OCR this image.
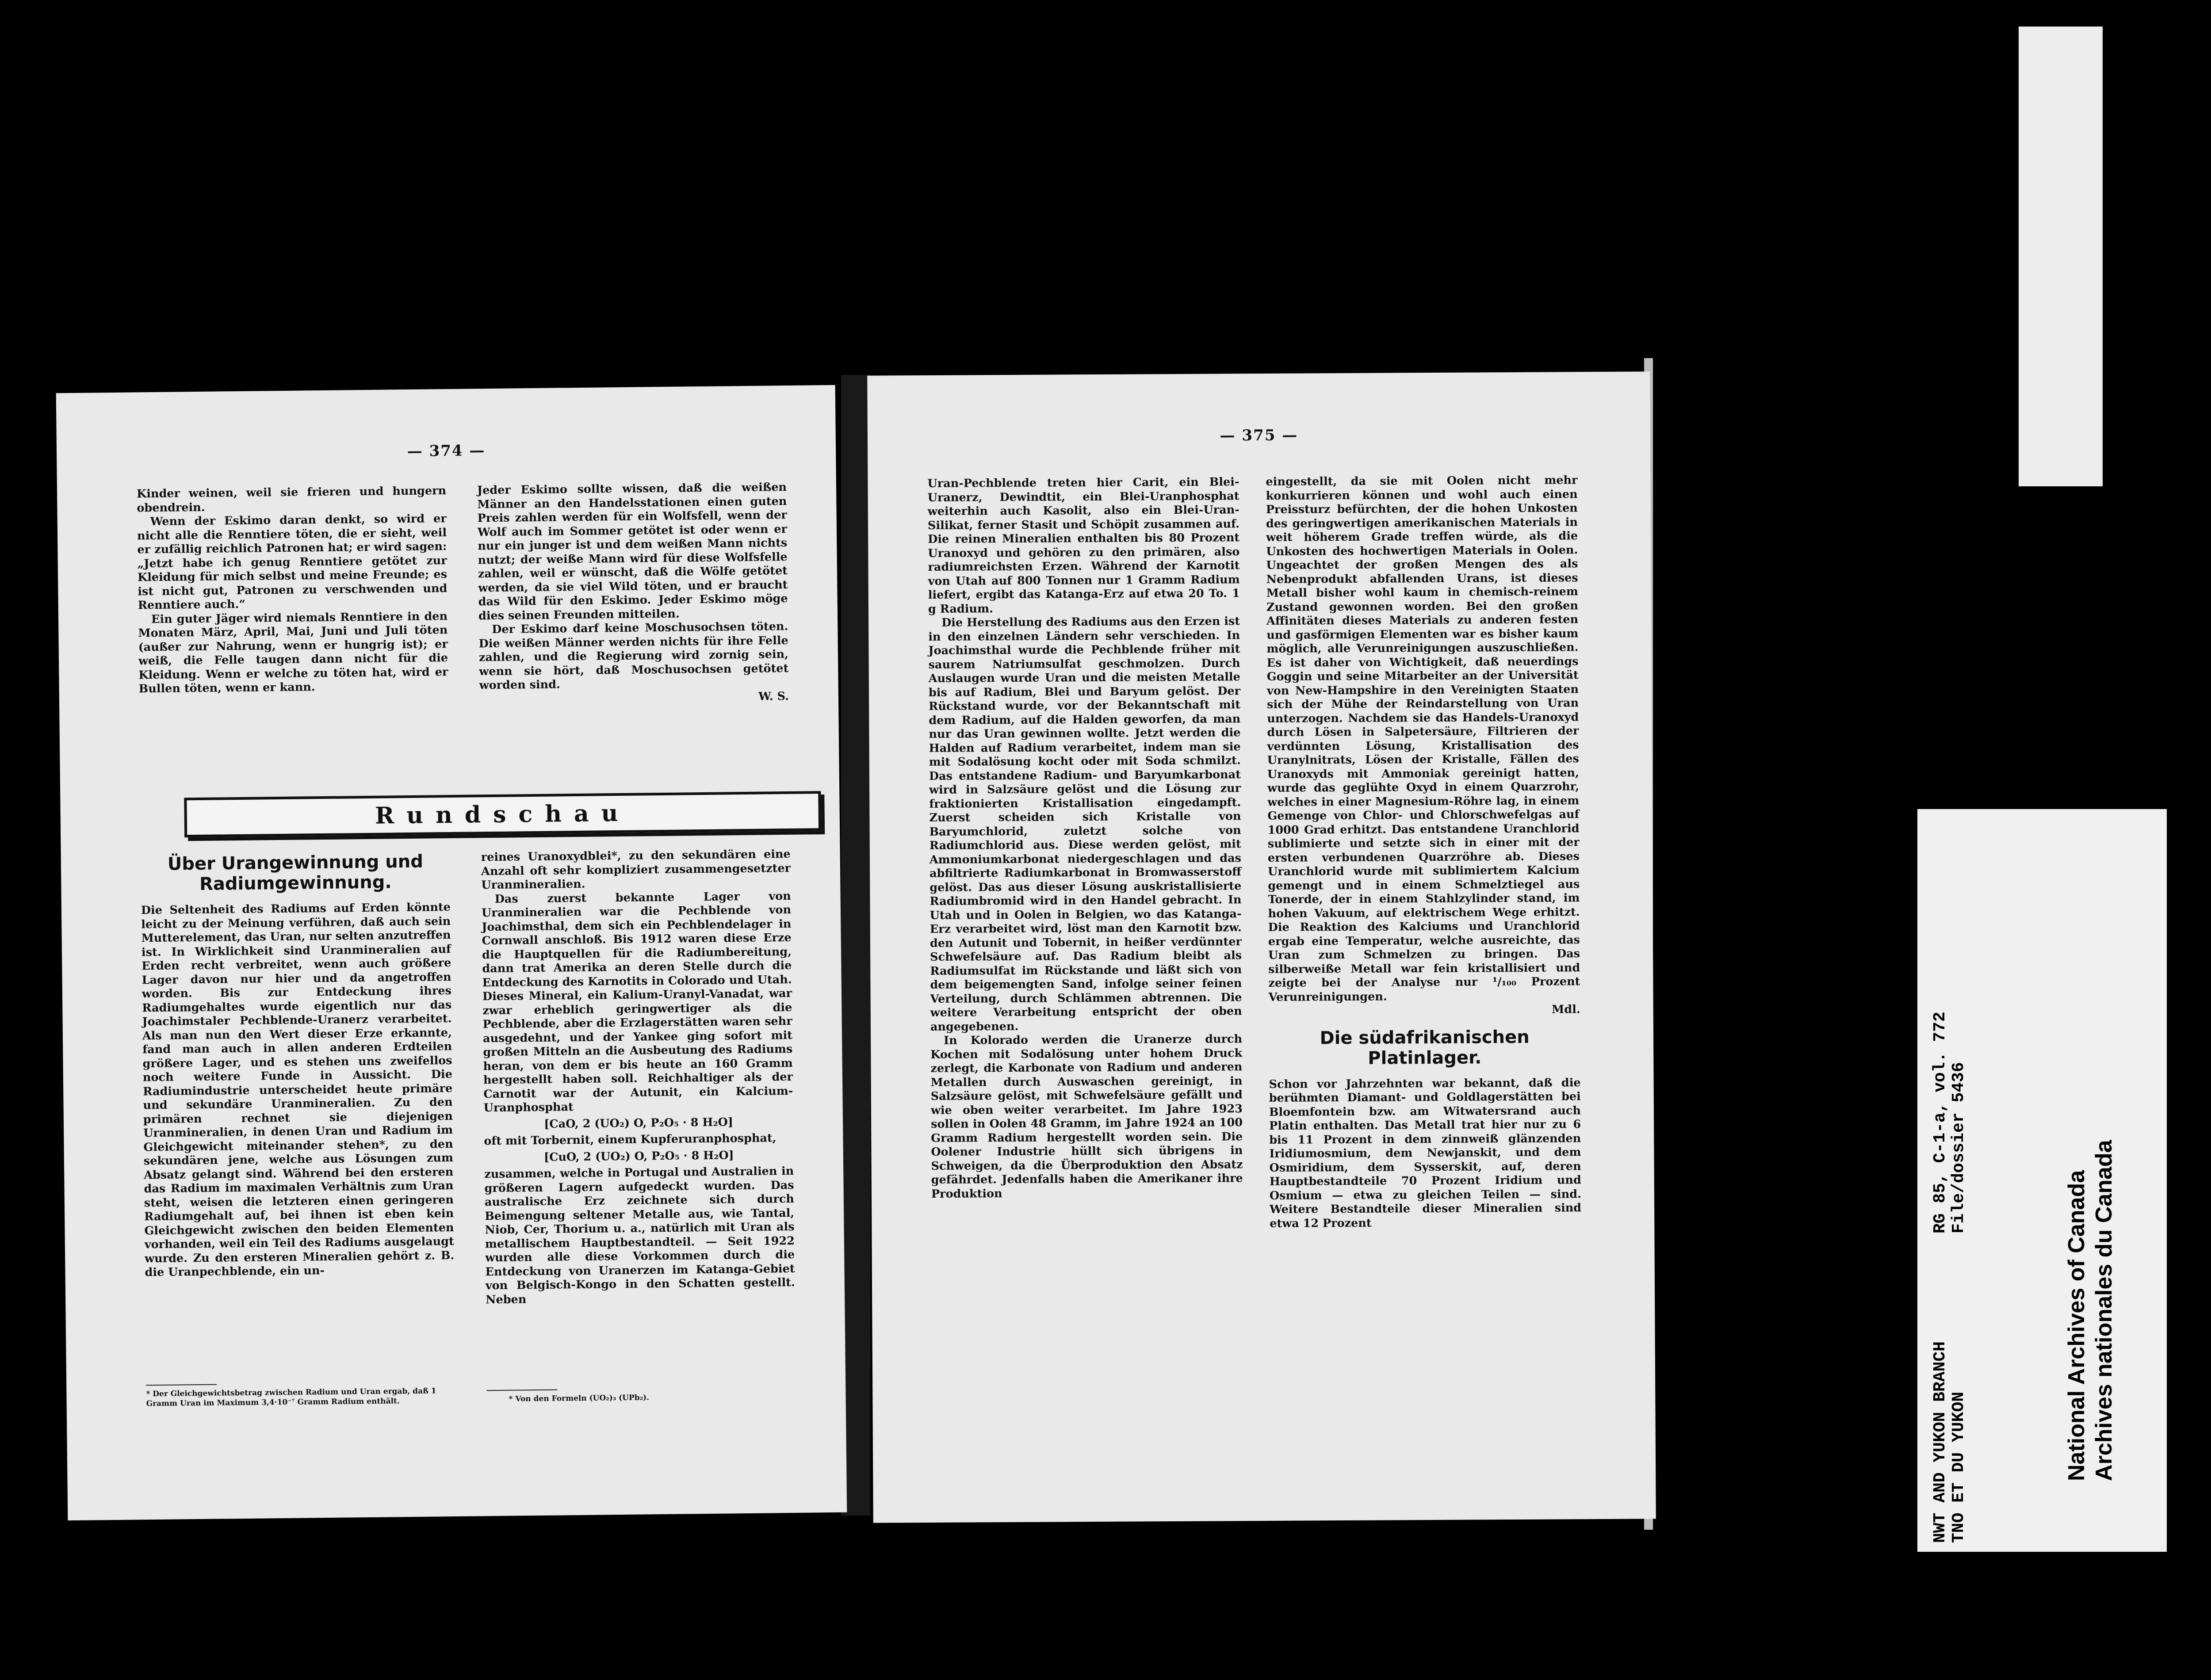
— 374 —

Kinder weinen, weil sie frieren und hungern obendrein.

Wenn der Eskimo daran denkt, so wird er nicht alle die Renntiere töten, die er sieht, weil er zufällig reichlich Patronen hat; er wird sagen: „Jetzt habe ich genug Renntiere getötet zur Kleidung für mich selbst und meine Freunde; es ist nicht gut, Patronen zu verschwenden und Renntiere auch.“

Ein guter Jäger wird niemals Renntiere in den Monaten März, April, Mai, Juni und Juli töten (außer zur Nahrung, wenn er hungrig ist); er weiß, die Felle taugen dann nicht für die Kleidung. Wenn er welche zu töten hat, wird er Bullen töten, wenn er kann.

Jeder Eskimo sollte wissen, daß die weißen Männer an den Handelsstationen einen guten Preis zahlen werden für ein Wolfsfell, wenn der Wolf auch im Sommer getötet ist oder wenn er nur ein junger ist und dem weißen Mann nichts nutzt; der weiße Mann wird für diese Wolfsfelle zahlen, weil er wünscht, daß die Wölfe getötet werden, da sie viel Wild töten, und er braucht das Wild für den Eskimo. Jeder Eskimo möge dies seinen Freunden mitteilen.

Der Eskimo darf keine Moschusochsen töten. Die weißen Männer werden nichts für ihre Felle zahlen, und die Regierung wird zornig sein, wenn sie hört, daß Moschusochsen getötet worden sind.

W. S.

Rundschau
Über Urangewinnung und Radiumgewinnung.

Die Seltenheit des Radiums auf Erden könnte leicht zu der Meinung verführen, daß auch sein Mutterelement, das Uran, nur selten anzutreffen ist. In Wirklichkeit sind Uranmineralien auf Erden recht verbreitet, wenn auch größere Lager davon nur hier und da angetroffen worden. Bis zur Entdeckung ihres Radiumgehaltes wurde eigentlich nur das Joachimstaler Pechblende-Uranerz verarbeitet. Als man nun den Wert dieser Erze erkannte, fand man auch in allen anderen Erdteilen größere Lager, und es stehen uns zweifellos noch weitere Funde in Aussicht. Die Radiumindustrie unterscheidet heute primäre und sekundäre Uranmineralien. Zu den primären rechnet sie diejenigen Uranmineralien, in denen Uran und Radium im Gleichgewicht miteinander stehen*, zu den sekundären jene, welche aus Lösungen zum Absatz gelangt sind. Während bei den ersteren das Radium im maximalen Verhältnis zum Uran steht, weisen die letzteren einen geringeren Radiumgehalt auf, bei ihnen ist eben kein Gleichgewicht zwischen den beiden Elementen vorhanden, weil ein Teil des Radiums ausgelaugt wurde. Zu den ersteren Mineralien gehört z. B. die Uranpechblende, ein un-

* Der Gleichgewichtsbetrag zwischen Radium und Uran ergab, daß 1 Gramm Uran im Maximum 3,4·10⁻⁷ Gramm Radium enthält.

reines Uranoxydblei*, zu den sekundären eine Anzahl oft sehr kompliziert zusammengesetzter Uranmineralien.

Das zuerst bekannte Lager von Uranmineralien war die Pechblende von Joachimsthal, dem sich ein Pechblendelager in Cornwall anschloß. Bis 1912 waren diese Erze die Hauptquellen für die Radiumbereitung, dann trat Amerika an deren Stelle durch die Entdeckung des Karnotits in Colorado und Utah. Dieses Mineral, ein Kalium-Uranyl-Vanadat, war zwar erheblich geringwertiger als die Pechblende, aber die Erzlagerstätten waren sehr ausgedehnt, und der Yankee ging sofort mit großen Mitteln an die Ausbeutung des Radiums heran, von dem er bis heute an 160 Gramm hergestellt haben soll. Reichhaltiger als der Carnotit war der Autunit, ein Kalcium-Uranphosphat

[CaO, 2 (UO₂) O, P₂O₅ · 8 H₂O]

oft mit Torbernit, einem Kupferuranphosphat,

[CuO, 2 (UO₂) O, P₂O₅ · 8 H₂O]

zusammen, welche in Portugal und Australien in größeren Lagern aufgedeckt wurden. Das australische Erz zeichnete sich durch Beimengung seltener Metalle aus, wie Tantal, Niob, Cer, Thorium u. a., natürlich mit Uran als metallischem Hauptbestandteil. — Seit 1922 wurden alle diese Vorkommen durch die Entdeckung von Uranerzen im Katanga-Gebiet von Belgisch-Kongo in den Schatten gestellt. Neben

* Von den Formeln (UO₂)₃ (UPb₂).
— 375 —

Uran-Pechblende treten hier Carit, ein Blei-Uranerz, Dewindtit, ein Blei-Uranphosphat weiterhin auch Kasolit, also ein Blei-Uran-Silikat, ferner Stasit und Schöpit zusammen auf. Die reinen Mineralien enthalten bis 80 Prozent Uranoxyd und gehören zu den primären, also radiumreichsten Erzen. Während der Karnotit von Utah auf 800 Tonnen nur 1 Gramm Radium liefert, ergibt das Katanga-Erz auf etwa 20 To. 1 g Radium.

Die Herstellung des Radiums aus den Erzen ist in den einzelnen Ländern sehr verschieden. In Joachimsthal wurde die Pechblende früher mit saurem Natriumsulfat geschmolzen. Durch Auslaugen wurde Uran und die meisten Metalle bis auf Radium, Blei und Baryum gelöst. Der Rückstand wurde, vor der Bekanntschaft mit dem Radium, auf die Halden geworfen, da man nur das Uran gewinnen wollte. Jetzt werden die Halden auf Radium verarbeitet, indem man sie mit Sodalösung kocht oder mit Soda schmilzt. Das entstandene Radium- und Baryumkarbonat wird in Salzsäure gelöst und die Lösung zur fraktionierten Kristallisation eingedampft. Zuerst scheiden sich Kristalle von Baryumchlorid, zuletzt solche von Radiumchlorid aus. Diese werden gelöst, mit Ammoniumkarbonat niedergeschlagen und das abfiltrierte Radiumkarbonat in Bromwasserstoff gelöst. Das aus dieser Lösung auskristallisierte Radiumbromid wird in den Handel gebracht. In Utah und in Oolen in Belgien, wo das Katanga-Erz verarbeitet wird, löst man den Karnotit bzw. den Autunit und Tobernit, in heißer verdünnter Schwefelsäure auf. Das Radium bleibt als Radiumsulfat im Rückstande und läßt sich von dem beigemengten Sand, infolge seiner feinen Verteilung, durch Schlämmen abtrennen. Die weitere Verarbeitung entspricht der oben angegebenen.

In Kolorado werden die Uranerze durch Kochen mit Sodalösung unter hohem Druck zerlegt, die Karbonate von Radium und anderen Metallen durch Auswaschen gereinigt, in Salzsäure gelöst, mit Schwefelsäure gefällt und wie oben weiter verarbeitet. Im Jahre 1923 sollen in Oolen 48 Gramm, im Jahre 1924 an 100 Gramm Radium hergestellt worden sein. Die Oolener Industrie hüllt sich übrigens in Schweigen, da die Überproduktion den Absatz gefährdet. Jedenfalls haben die Amerikaner ihre Produktion

eingestellt, da sie mit Oolen nicht mehr konkurrieren können und wohl auch einen Preissturz befürchten, der die hohen Unkosten des geringwertigen amerikanischen Materials in weit höherem Grade treffen würde, als die Unkosten des hochwertigen Materials in Oolen. Ungeachtet der großen Mengen des als Nebenprodukt abfallenden Urans, ist dieses Metall bisher wohl kaum in chemisch-reinem Zustand gewonnen worden. Bei den großen Affinitäten dieses Materials zu anderen festen und gasförmigen Elementen war es bisher kaum möglich, alle Verunreinigungen auszuschließen. Es ist daher von Wichtigkeit, daß neuerdings Goggin und seine Mitarbeiter an der Universität von New-Hampshire in den Vereinigten Staaten sich der Mühe der Reindarstellung von Uran unterzogen. Nachdem sie das Handels-Uranoxyd durch Lösen in Salpetersäure, Filtrieren der verdünnten Lösung, Kristallisation des Uranylnitrats, Lösen der Kristalle, Fällen des Uranoxyds mit Ammoniak gereinigt hatten, wurde das geglühte Oxyd in einem Quarzrohr, welches in einer Magnesium-Röhre lag, in einem Gemenge von Chlor- und Chlorschwefelgas auf 1000 Grad erhitzt. Das entstandene Uranchlorid sublimierte und setzte sich in einer mit der ersten verbundenen Quarzröhre ab. Dieses Uranchlorid wurde mit sublimiertem Kalcium gemengt und in einem Schmelztiegel aus Tonerde, der in einem Stahlzylinder stand, im hohen Vakuum, auf elektrischem Wege erhitzt. Die Reaktion des Kalciums und Uranchlorid ergab eine Temperatur, welche ausreichte, das Uran zum Schmelzen zu bringen. Das silberweiße Metall war fein kristallisiert und zeigte bei der Analyse nur ¹/₁₀₀ Prozent Verunreinigungen.

Mdl.

Die südafrikanischen Platinlager.

Schon vor Jahrzehnten war bekannt, daß die berühmten Diamant- und Goldlagerstätten bei Bloemfontein bzw. am Witwatersrand auch Platin enthalten. Das Metall trat hier nur zu 6 bis 11 Prozent in dem zinnweiß glänzenden Iridiumosmium, dem Newjanskit, und dem Osmiridium, dem Sysserskit, auf, deren Hauptbestandteile 70 Prozent Iridium und Osmium — etwa zu gleichen Teilen — sind. Weitere Bestandteile dieser Mineralien sind etwa 12 Prozent	RG 85, C-1-a, vol. 772 File/dossier 5436
NWT AND YUKON BRANCH TNO ET DU YUKON	National Archives of Canada Archives nationales du Canada
000024
